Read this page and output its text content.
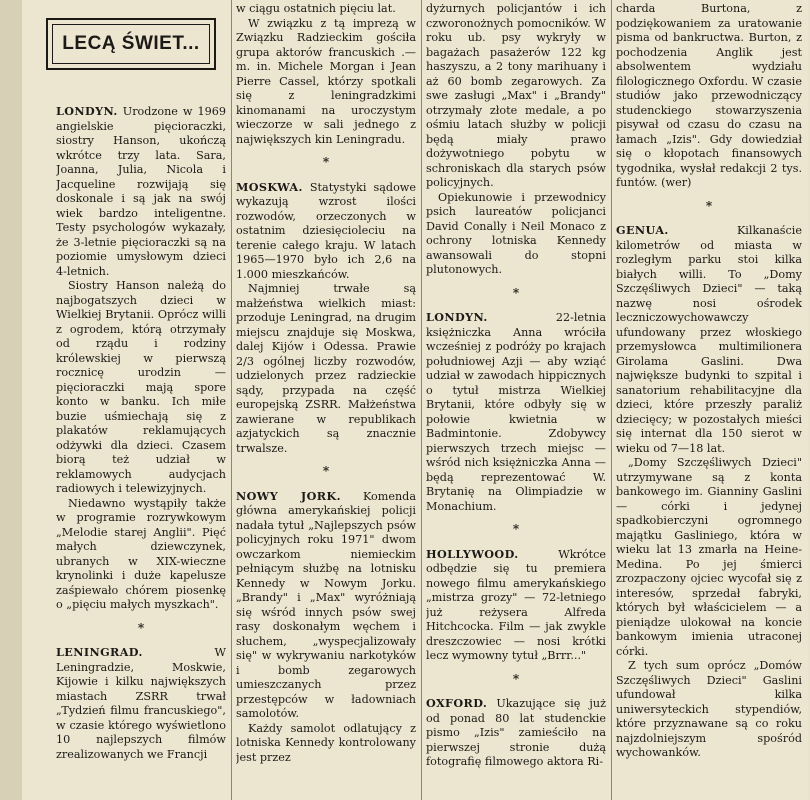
LECĄ ŚWIET...

LONDYN. Urodzone w 1969 angielskie pięcioraczki, siostry Hanson, ukończą wkrótce trzy lata. Sara, Joanna, Julia, Nicola i Jacqueline rozwijają się doskonale i są jak na swój wiek bardzo inteligentne. Testy psychologów wykazały, że 3-letnie pięcioraczki są na poziomie umysłowym dzieci 4-letnich.

Siostry Hanson należą do najbogatszych dzieci w Wielkiej Brytanii. Oprócz willi z ogrodem, którą otrzymały od rządu i rodziny królewskiej w pierwszą rocznicę urodzin — pięcioraczki mają spore konto w banku. Ich miłe buzie uśmiechają się z plakatów reklamujących odżywki dla dzieci. Czasem biorą też udział w reklamowych audycjach radiowych i telewizyjnych.

Niedawno wystąpiły także w programie rozrywkowym „Melodie starej Anglii". Pięć małych dziewczynek, ubranych w XIX-wieczne krynolinki i duże kapelusze zaśpiewało chórem piosenkę o „pięciu małych myszkach".

*

LENINGRAD.	W Leningradzie, Moskwie, Kijowie i kilku największych miastach ZSRR trwał „Tydzień filmu francuskiego", w czasie którego wyświetlono 10 najlepszych filmów zrealizowanych we Francji

w ciągu ostatnich pięciu lat.

W związku z tą imprezą w Związku Radzieckim gościła grupa aktorów francuskich .— m. in. Michele Morgan i Jean Pierre Cassel, którzy spotkali się z leningradzkimi kinomanami na uroczystym wieczorze w sali jednego z największych kin Leningradu.

*

MOSKWA. Statystyki sądowe wykazują wzrost ilości rozwodów, orzeczonych w ostatnim dziesięcioleciu na terenie całego kraju. W latach 1965—1970 było ich 2,6 na 1.000 mieszkańców.

Najmniej trwałe są małżeństwa wielkich miast: przoduje Leningrad, na drugim miejscu znajduje się Moskwa, dalej Kijów i Odessa. Prawie 2/3 ogólnej liczby rozwodów, udzielonych przez radzieckie sądy, przypada na część europejską ZSRR. Małżeństwa zawierane w republikach azjatyckich są znacznie trwalsze.

*

NOWY JORK. Komenda główna amerykańskiej policji nadała tytuł „Najlepszych psów policyjnych roku 1971" dwom owczarkom niemieckim pełniącym służbę na lotnisku Kennedy w Nowym Jorku. „Brandy" i „Max" wyróżniają się wśród innych psów swej rasy doskonałym węchem i słuchem, „wyspecjalizowały się" w wykrywaniu narkotyków i bomb zegarowych umieszczanych przez przestępców w ładowniach samolotów.

Każdy samolot odlatujący z lotniska Kennedy kontrolowany jest przez

dyżurnych policjantów i ich czworonożnych pomocników. W roku ub. psy wykryły w bagażach pasażerów 122 kg haszyszu, a 2 tony marihuany i aż 60 bomb zegarowych. Za swe zasługi „Max" i „Brandy" otrzymały złote medale, a po ośmiu latach służby w policji będą miały prawo dożywotniego pobytu w schroniskach dla starych psów policyjnych.

Opiekunowie i przewodnicy psich laureatów policjanci David Conally i Neil Monaco z ochrony lotniska Kennedy awansowali do stopni plutonowych.

*

LONDYN.	22-letnia księżniczka Anna wróciła wcześniej z podróży po krajach południowej Azji — aby wziąć udział w zawodach hippicznych o tytuł mistrza Wielkiej Brytanii, które odbyły się w połowie kwietnia w Badmintonie. Zdobywcy pierwszych trzech miejsc — wśród nich księżniczka Anna — będą reprezentować W. Brytanię na Olimpiadzie w Monachium.

*

HOLLYWOOD.	Wkrótce odbędzie się tu premiera nowego filmu amerykańskiego „mistrza grozy" — 72-letniego już reżysera Alfreda Hitchcocka. Film — jak zwykle dreszczowiec — nosi krótki lecz wymowny tytuł „Brrr..."

*

OXFORD. Ukazujące się już od ponad 80 lat studenckie pismo „Izis" zamieściło na pierwszej stronie dużą fotografię filmowego aktora Ri-

charda Burtona, z podziękowaniem za uratowanie pisma od bankructwa. Burton, z pochodzenia Anglik jest absolwentem wydziału filologicznego Oxfordu. W czasie studiów jako przewodniczący studenckiego stowarzyszenia pisywał od czasu do czasu na łamach „Izis". Gdy dowiedział się o kłopotach finansowych tygodnika, wysłał redakcji 2 tys. funtów. (wer)

*

GENUA.	Kilkanaście kilometrów od miasta w rozległym parku stoi kilka białych willi. To „Domy Szczęśliwych Dzieci" — taką nazwę nosi ośrodek leczniczowychowawczy ufundowany przez włoskiego przemysłowca multimilionera Girolama Gaslini. Dwa największe budynki to szpital i sanatorium rehabilitacyjne dla dzieci, które przeszły paraliż dziecięcy; w pozostałych mieści się internat dla 150 sierot w wieku od 7—18 lat.

„Domy Szczęśliwych Dzieci" utrzymywane są z konta bankowego im. Gianniny Gaslini — córki i jedynej spadkobierczyni ogromnego majątku Gasliniego, która w wieku lat 13 zmarła na Heine-Medina. Po jej śmierci zrozpaczony ojciec wycofał się z interesów, sprzedał fabryki, których był właścicielem — a pieniądze ulokował na koncie bankowym imienia utraconej córki.

Z tych sum oprócz „Domów Szczęśliwych Dzieci" Gaslini ufundował kilka uniwersyteckich stypendiów, które przyznawane są co roku najzdolniejszym spośród wychowanków.
